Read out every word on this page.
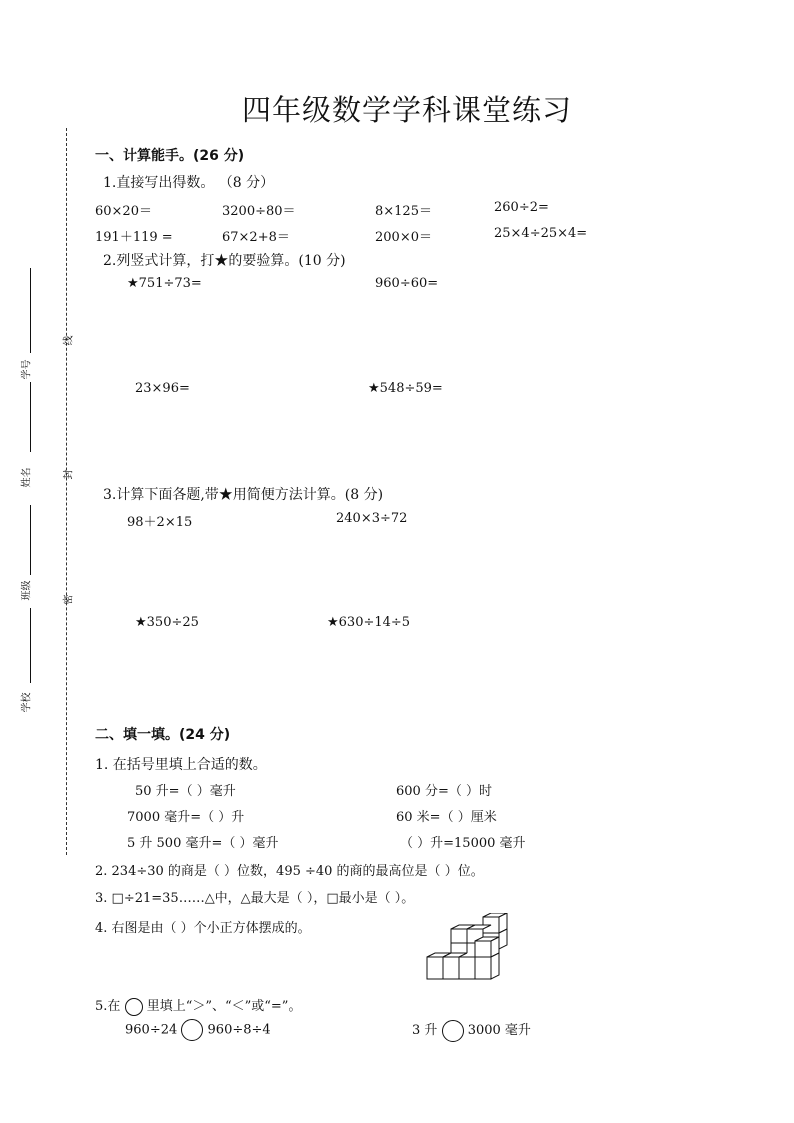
学号
姓名
班级
学校
线
封
密
四年级数学学科课堂练习
一、计算能手。(26 分)
1.直接写出得数。 （8 分）
60×20＝	3200÷80＝	8×125＝	260÷2=
191＋119 =	67×2+8＝	200×0＝	25×4÷25×4=
2.列竖式计算，打★的要验算。(10 分)
★751÷73=	960÷60=
23×96=	★548÷59=
3.计算下面各题,带★用简便方法计算。(8 分)
98＋2×15	240×3÷72
★350÷25	★630÷14÷5
二、填一填。(24 分)
1. 在括号里填上合适的数。
50 升=（ ）毫升	600 分=（ ）时
7000 毫升=（ ）升	60 米=（ ）厘米
5 升 500 毫升=（ ）毫升	（ ）升=15000 毫升
2. 234÷30 的商是（ ）位数，495 ÷40 的商的最高位是（ ）位。
3. □÷21=35……△中，△最大是（ ），□最小是（ ）。
4. 右图是由（ ）个小正方体摆成的。
5.在 里填上“＞”、“＜”或“=”。
960÷24 960÷8÷4	3 升 3000 毫升
